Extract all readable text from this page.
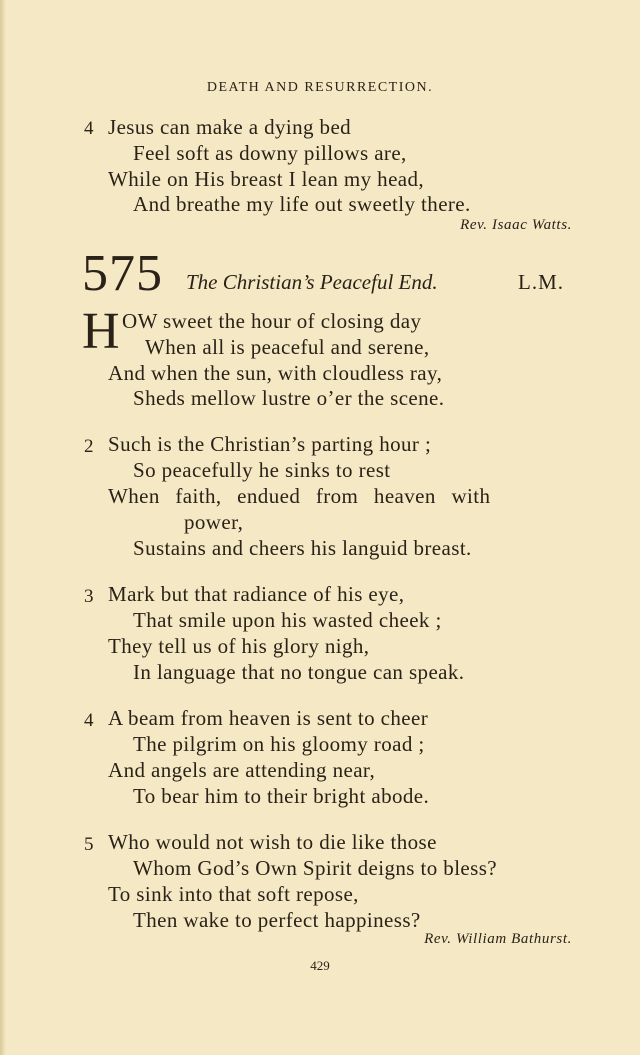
DEATH AND RESURRECTION.
4 Jesus can make a dying bed
Feel soft as downy pillows are,
While on His breast I lean my head,
And breathe my life out sweetly there.
Rev. Isaac Watts.
575 The Christian’s Peaceful End.	L.M.
H OW sweet the hour of closing day
When all is peaceful and serene,
And when the sun, with cloudless ray,
Sheds mellow lustre o’er the scene.
2 Such is the Christian’s parting hour ;
So peacefully he sinks to rest
When faith, endued from heaven with
power,
Sustains and cheers his languid breast.
3 Mark but that radiance of his eye,
That smile upon his wasted cheek ;
They tell us of his glory nigh,
In language that no tongue can speak.
4 A beam from heaven is sent to cheer
The pilgrim on his gloomy road ;
And angels are attending near,
To bear him to their bright abode.
5 Who would not wish to die like those
Whom God’s Own Spirit deigns to bless?
To sink into that soft repose,
Then wake to perfect happiness?
Rev. William Bathurst.
429
